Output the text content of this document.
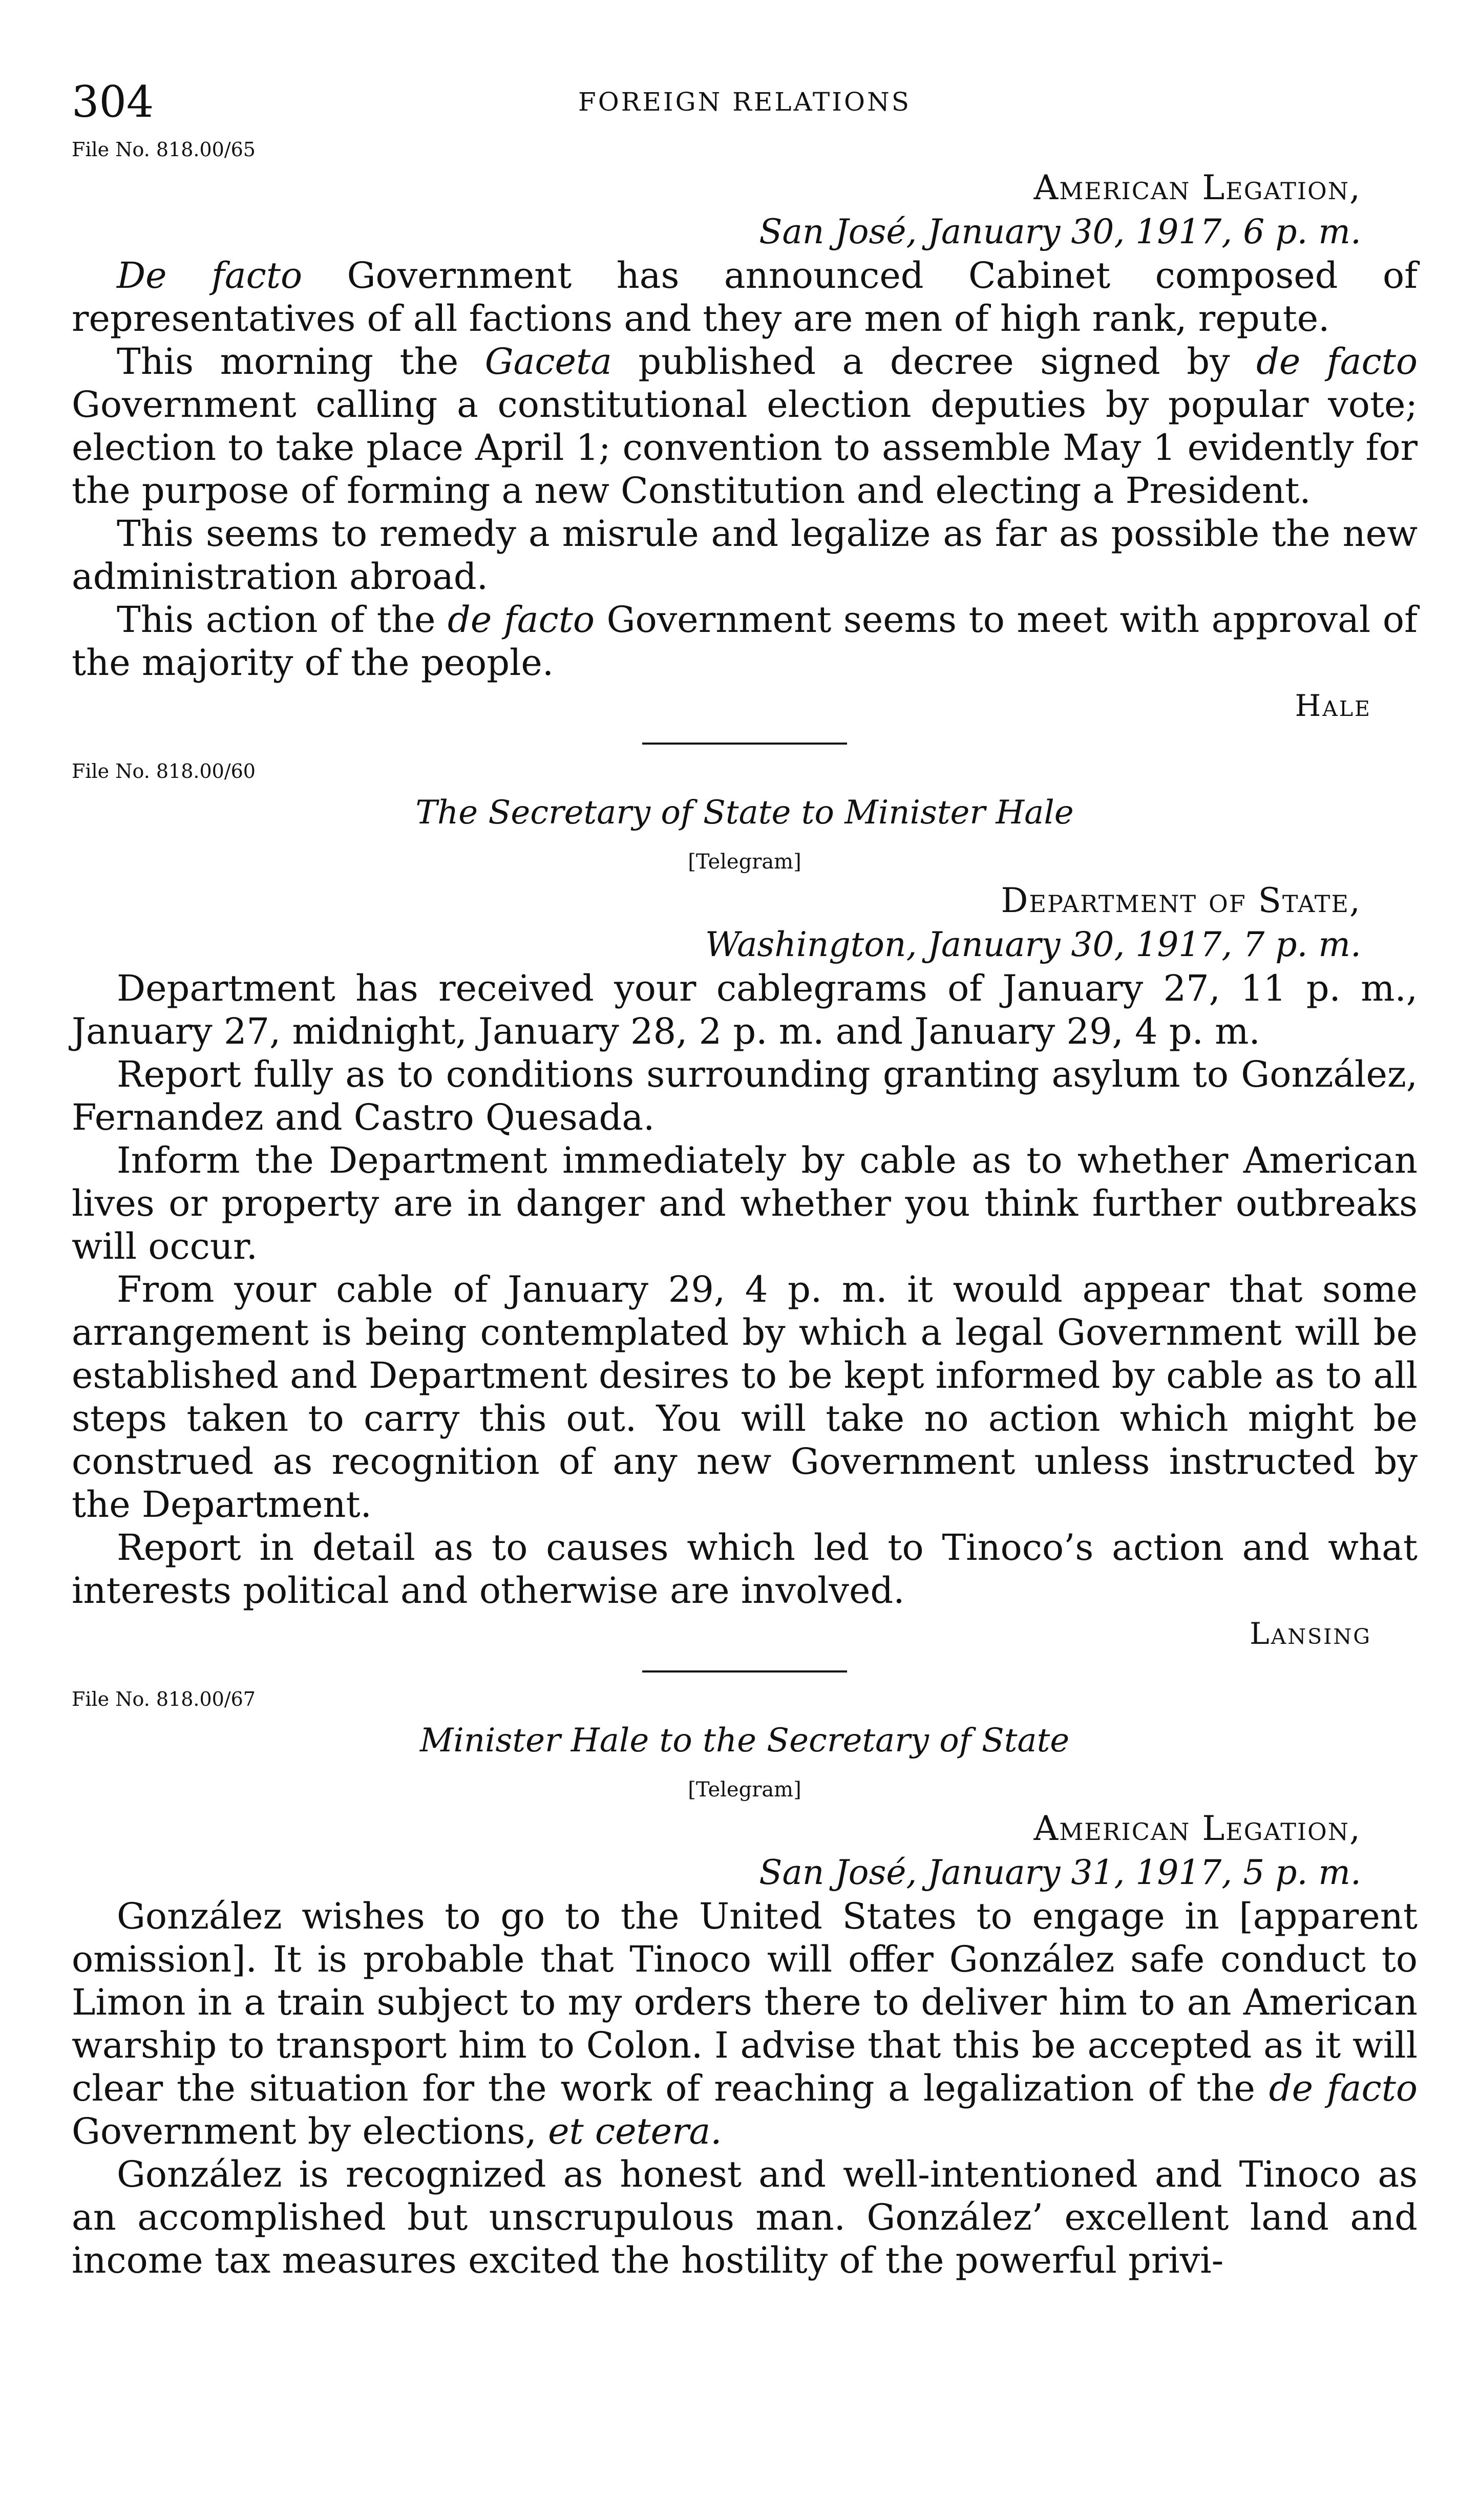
304	FOREIGN RELATIONS
File No. 818.00/65
American Legation,
San José, January 30, 1917, 6 p. m.

De facto Government has announced Cabinet composed of representatives of all factions and they are men of high rank, repute.

This morning the Gaceta published a decree signed by de facto Government calling a constitutional election deputies by popular vote; election to take place April 1; convention to assemble May 1 evidently for the purpose of forming a new Constitution and electing a President.

This seems to remedy a misrule and legalize as far as possible the new administration abroad.

This action of the de facto Government seems to meet with approval of the majority of the people.

Hale
File No. 818.00/60
The Secretary of State to Minister Hale
[Telegram]
Department of State,
Washington, January 30, 1917, 7 p. m.

Department has received your cablegrams of January 27, 11 p. m., January 27, midnight, January 28, 2 p. m. and January 29, 4 p. m.

Report fully as to conditions surrounding granting asylum to González, Fernandez and Castro Quesada.

Inform the Department immediately by cable as to whether American lives or property are in danger and whether you think further outbreaks will occur.

From your cable of January 29, 4 p. m. it would appear that some arrangement is being contemplated by which a legal Government will be established and Department desires to be kept informed by cable as to all steps taken to carry this out. You will take no action which might be construed as recognition of any new Government unless instructed by the Department.

Report in detail as to causes which led to Tinoco’s action and what interests political and otherwise are involved.

Lansing
File No. 818.00/67
Minister Hale to the Secretary of State
[Telegram]
American Legation,
San José, January 31, 1917, 5 p. m.

González wishes to go to the United States to engage in [apparent omission]. It is probable that Tinoco will offer González safe conduct to Limon in a train subject to my orders there to deliver him to an American warship to transport him to Colon. I advise that this be accepted as it will clear the situation for the work of reaching a legalization of the de facto Government by elections, et cetera.

González is recognized as honest and well-intentioned and Tinoco as an accomplished but unscrupulous man. González’ excellent land and income tax measures excited the hostility of the powerful privi-
